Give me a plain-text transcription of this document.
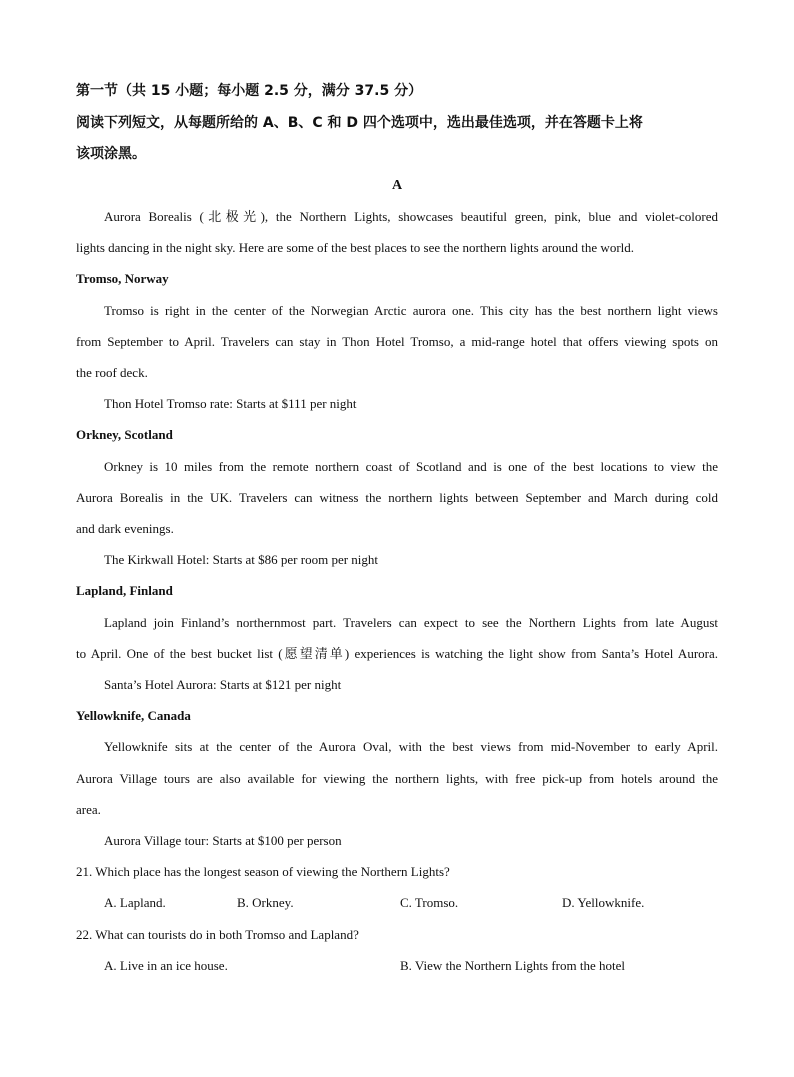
第一节（共 15 小题；每小题 2.5 分，满分 37.5 分）
阅读下列短文，从每题所给的 A、B、C 和 D 四个选项中，选出最佳选项，并在答题卡上将
该项涂黑。
A
Aurora Borealis (北极光), the Northern Lights, showcases beautiful green, pink, blue and violet-colored
lights dancing in the night sky. Here are some of the best places to see the northern lights around the world.
Tromso, Norway
Tromso is right in the center of the Norwegian Arctic aurora one. This city has the best northern light views
from September to April. Travelers can stay in Thon Hotel Tromso, a mid-range hotel that offers viewing spots on
the roof deck.
Thon Hotel Tromso rate: Starts at $111 per night
Orkney, Scotland
Orkney is 10 miles from the remote northern coast of Scotland and is one of the best locations to view the
Aurora Borealis in the UK. Travelers can witness the northern lights between September and March during cold
and dark evenings.
The Kirkwall Hotel: Starts at $86 per room per night
Lapland, Finland
Lapland join Finland’s northernmost part. Travelers can expect to see the Northern Lights from late August
to April. One of the best bucket list (愿望清单) experiences is watching the light show from Santa’s Hotel Aurora.
Santa’s Hotel Aurora: Starts at $121 per night
Yellowknife, Canada
Yellowknife sits at the center of the Aurora Oval, with the best views from mid-November to early April.
Aurora Village tours are also available for viewing the northern lights, with free pick-up from hotels around the
area.
Aurora Village tour: Starts at $100 per person
21. Which place has the longest season of viewing the Northern Lights?
A. Lapland.	B. Orkney.	C. Tromso.	D. Yellowknife.
22. What can tourists do in both Tromso and Lapland?
A. Live in an ice house.	B. View the Northern Lights from the hotel
